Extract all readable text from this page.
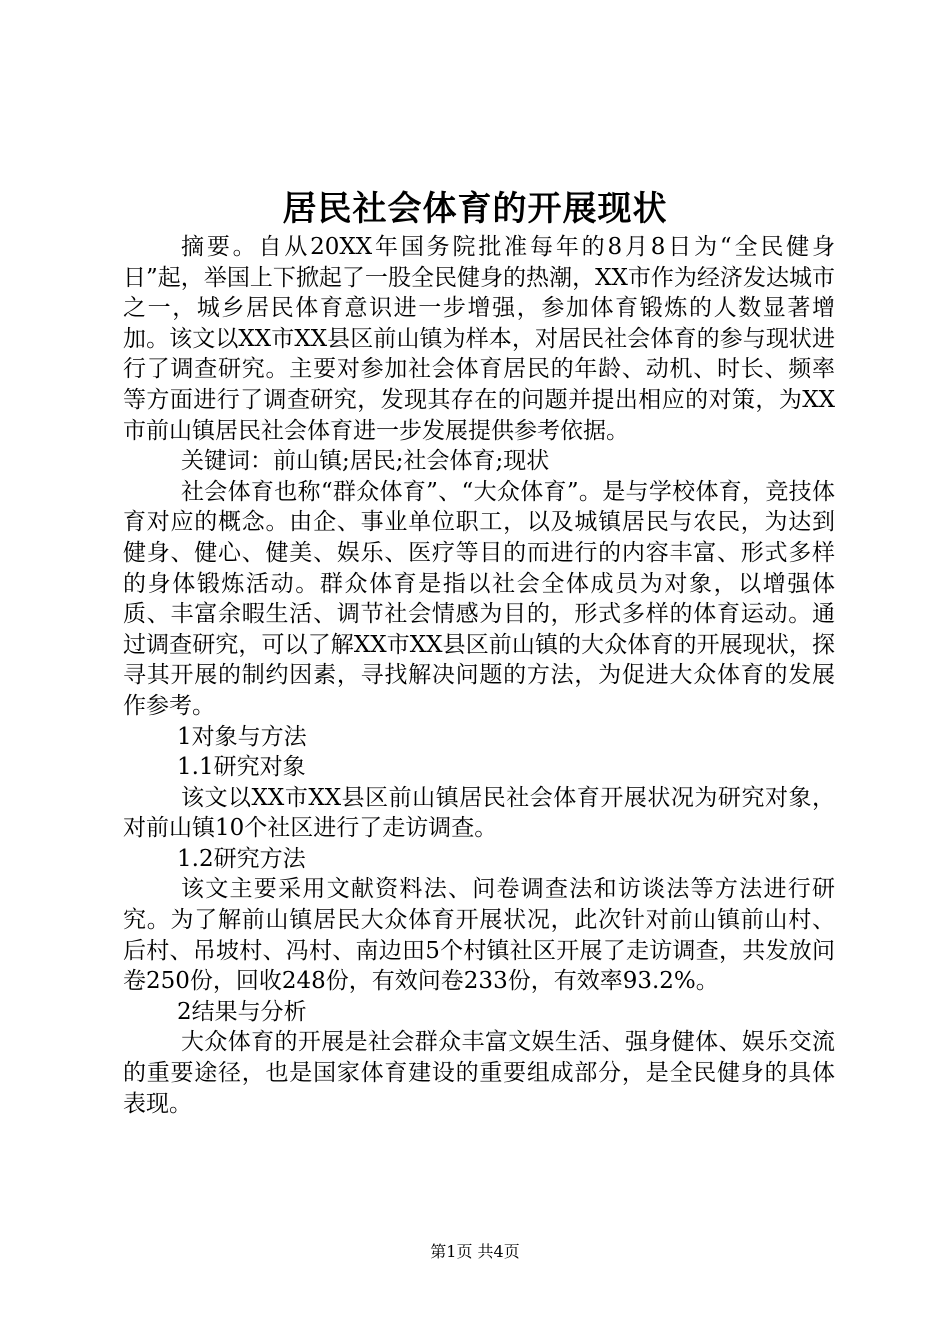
居民社会体育的开展现状

摘要。自从20XX年国务院批准每年的8月8日为“全民健身日”起，举国上下掀起了一股全民健身的热潮，XX市作为经济发达城市之一，城乡居民体育意识进一步增强，参加体育锻炼的人数显著增加。该文以XX市XX县区前山镇为样本，对居民社会体育的参与现状进行了调查研究。主要对参加社会体育居民的年龄、动机、时长、频率等方面进行了调查研究，发现其存在的问题并提出相应的对策，为XX市前山镇居民社会体育进一步发展提供参考依据。

关键词：前山镇;居民;社会体育;现状

社会体育也称“群众体育”、“大众体育”。是与学校体育，竞技体育对应的概念。由企、事业单位职工，以及城镇居民与农民，为达到健身、健心、健美、娱乐、医疗等目的而进行的内容丰富、形式多样的身体锻炼活动。群众体育是指以社会全体成员为对象，以增强体质、丰富余暇生活、调节社会情感为目的，形式多样的体育运动。通过调查研究，可以了解XX市XX县区前山镇的大众体育的开展现状，探寻其开展的制约因素，寻找解决问题的方法，为促进大众体育的发展作参考。

1对象与方法

1.1研究对象

该文以XX市XX县区前山镇居民社会体育开展状况为研究对象，对前山镇10个社区进行了走访调查。

1.2研究方法

该文主要采用文献资料法、问卷调查法和访谈法等方法进行研究。为了解前山镇居民大众体育开展状况，此次针对前山镇前山村、后村、吊坡村、冯村、南边田5个村镇社区开展了走访调查，共发放问卷250份，回收248份，有效问卷233份，有效率93.2%。

2结果与分析

大众体育的开展是社会群众丰富文娱生活、强身健体、娱乐交流的重要途径，也是国家体育建设的重要组成部分，是全民健身的具体表现。

第1页 共4页
